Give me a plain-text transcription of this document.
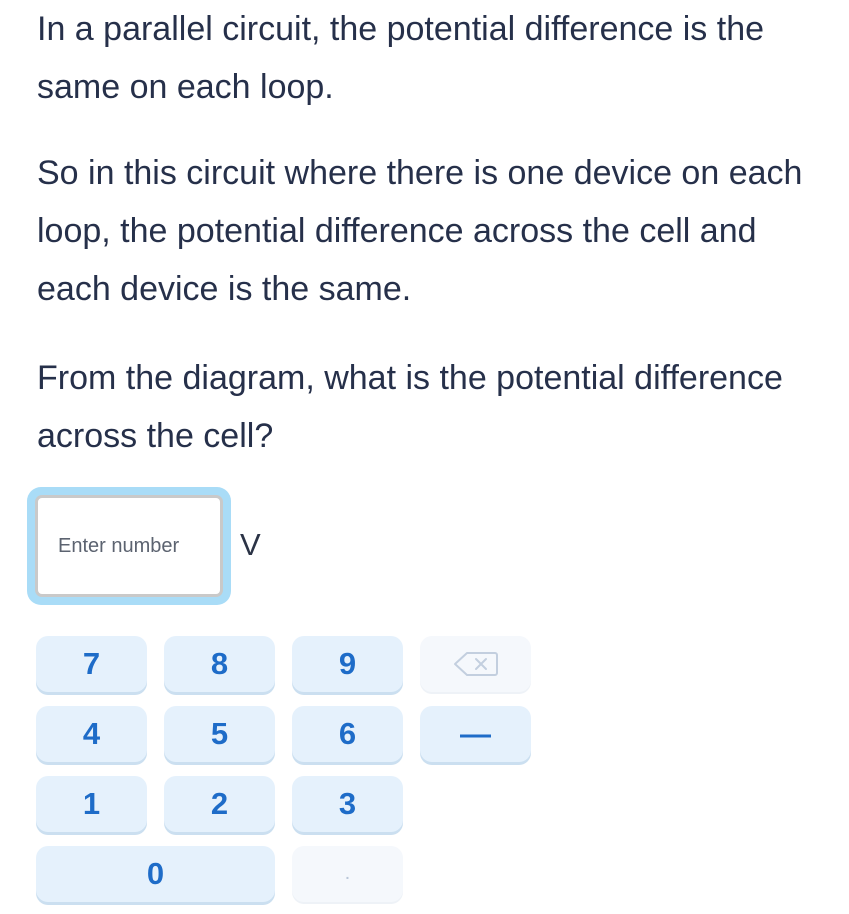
In a parallel circuit, the potential difference is the same on each loop.

So in this circuit where there is one device on each loop, the potential difference across the cell and each device is the same.

From the diagram, what is the potential difference across the cell?

Enter number
V
7	8	9
4	5	6	—
1	2	3
0	.
